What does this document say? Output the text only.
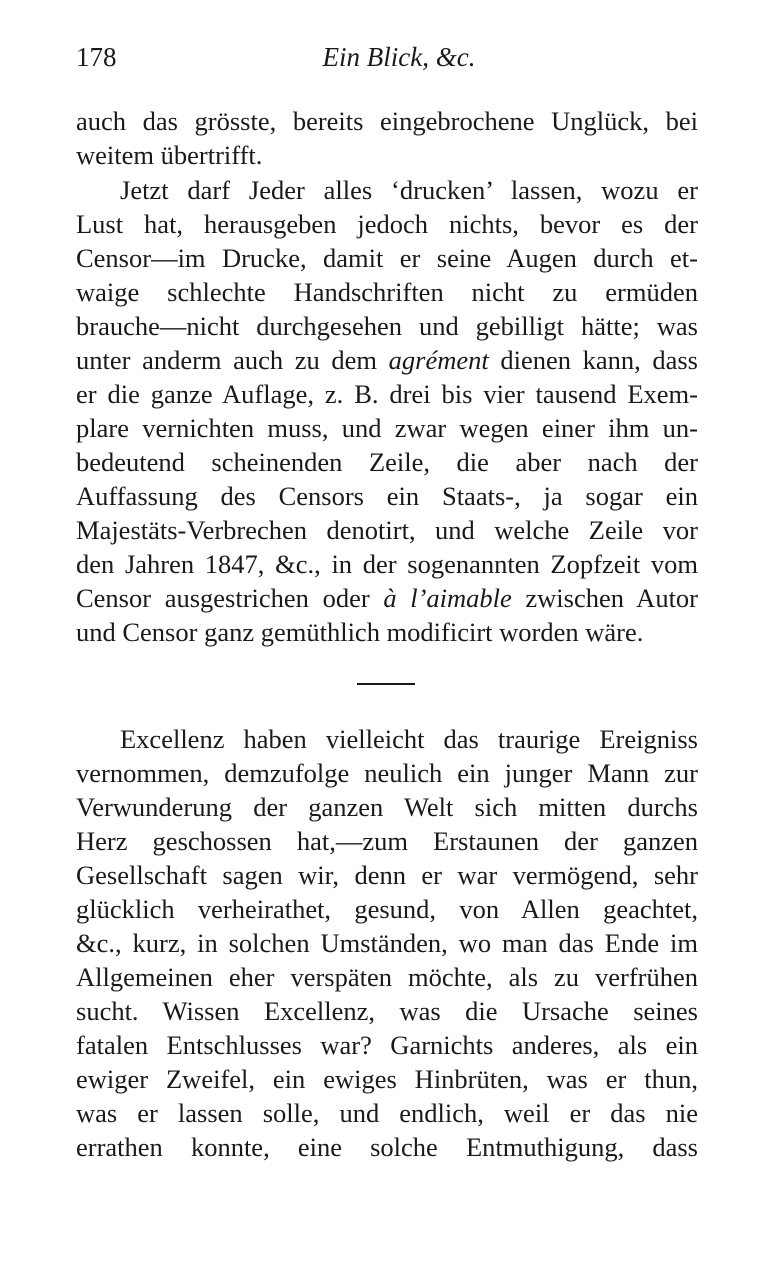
178	Ein Blick, &c.
auch das grösste, bereits eingebrochene Unglück, bei
weitem übertrifft.
Jetzt darf Jeder alles ‘drucken’ lassen, wozu er
Lust hat, herausgeben jedoch nichts, bevor es der
Censor—im Drucke, damit er seine Augen durch et-
waige schlechte Handschriften nicht zu ermüden
brauche—nicht durchgesehen und gebilligt hätte; was
unter anderm auch zu dem agrément dienen kann, dass
er die ganze Auflage, z. B. drei bis vier tausend Exem-
plare vernichten muss, und zwar wegen einer ihm un-
bedeutend scheinenden Zeile, die aber nach der
Auffassung des Censors ein Staats-, ja sogar ein
Majestäts-Verbrechen denotirt, und welche Zeile vor
den Jahren 1847, &c., in der sogenannten Zopfzeit vom
Censor ausgestrichen oder à l’aimable zwischen Autor
und Censor ganz gemüthlich modificirt worden wäre.
Excellenz haben vielleicht das traurige Ereigniss
vernommen, demzufolge neulich ein junger Mann zur
Verwunderung der ganzen Welt sich mitten durchs
Herz geschossen hat,—zum Erstaunen der ganzen
Gesellschaft sagen wir, denn er war vermögend, sehr
glücklich verheirathet, gesund, von Allen geachtet,
&c., kurz, in solchen Umständen, wo man das Ende im
Allgemeinen eher verspäten möchte, als zu verfrühen
sucht. Wissen Excellenz, was die Ursache seines
fatalen Entschlusses war? Garnichts anderes, als ein
ewiger Zweifel, ein ewiges Hinbrüten, was er thun,
was er lassen solle, und endlich, weil er das nie
errathen konnte, eine solche Entmuthigung, dass
